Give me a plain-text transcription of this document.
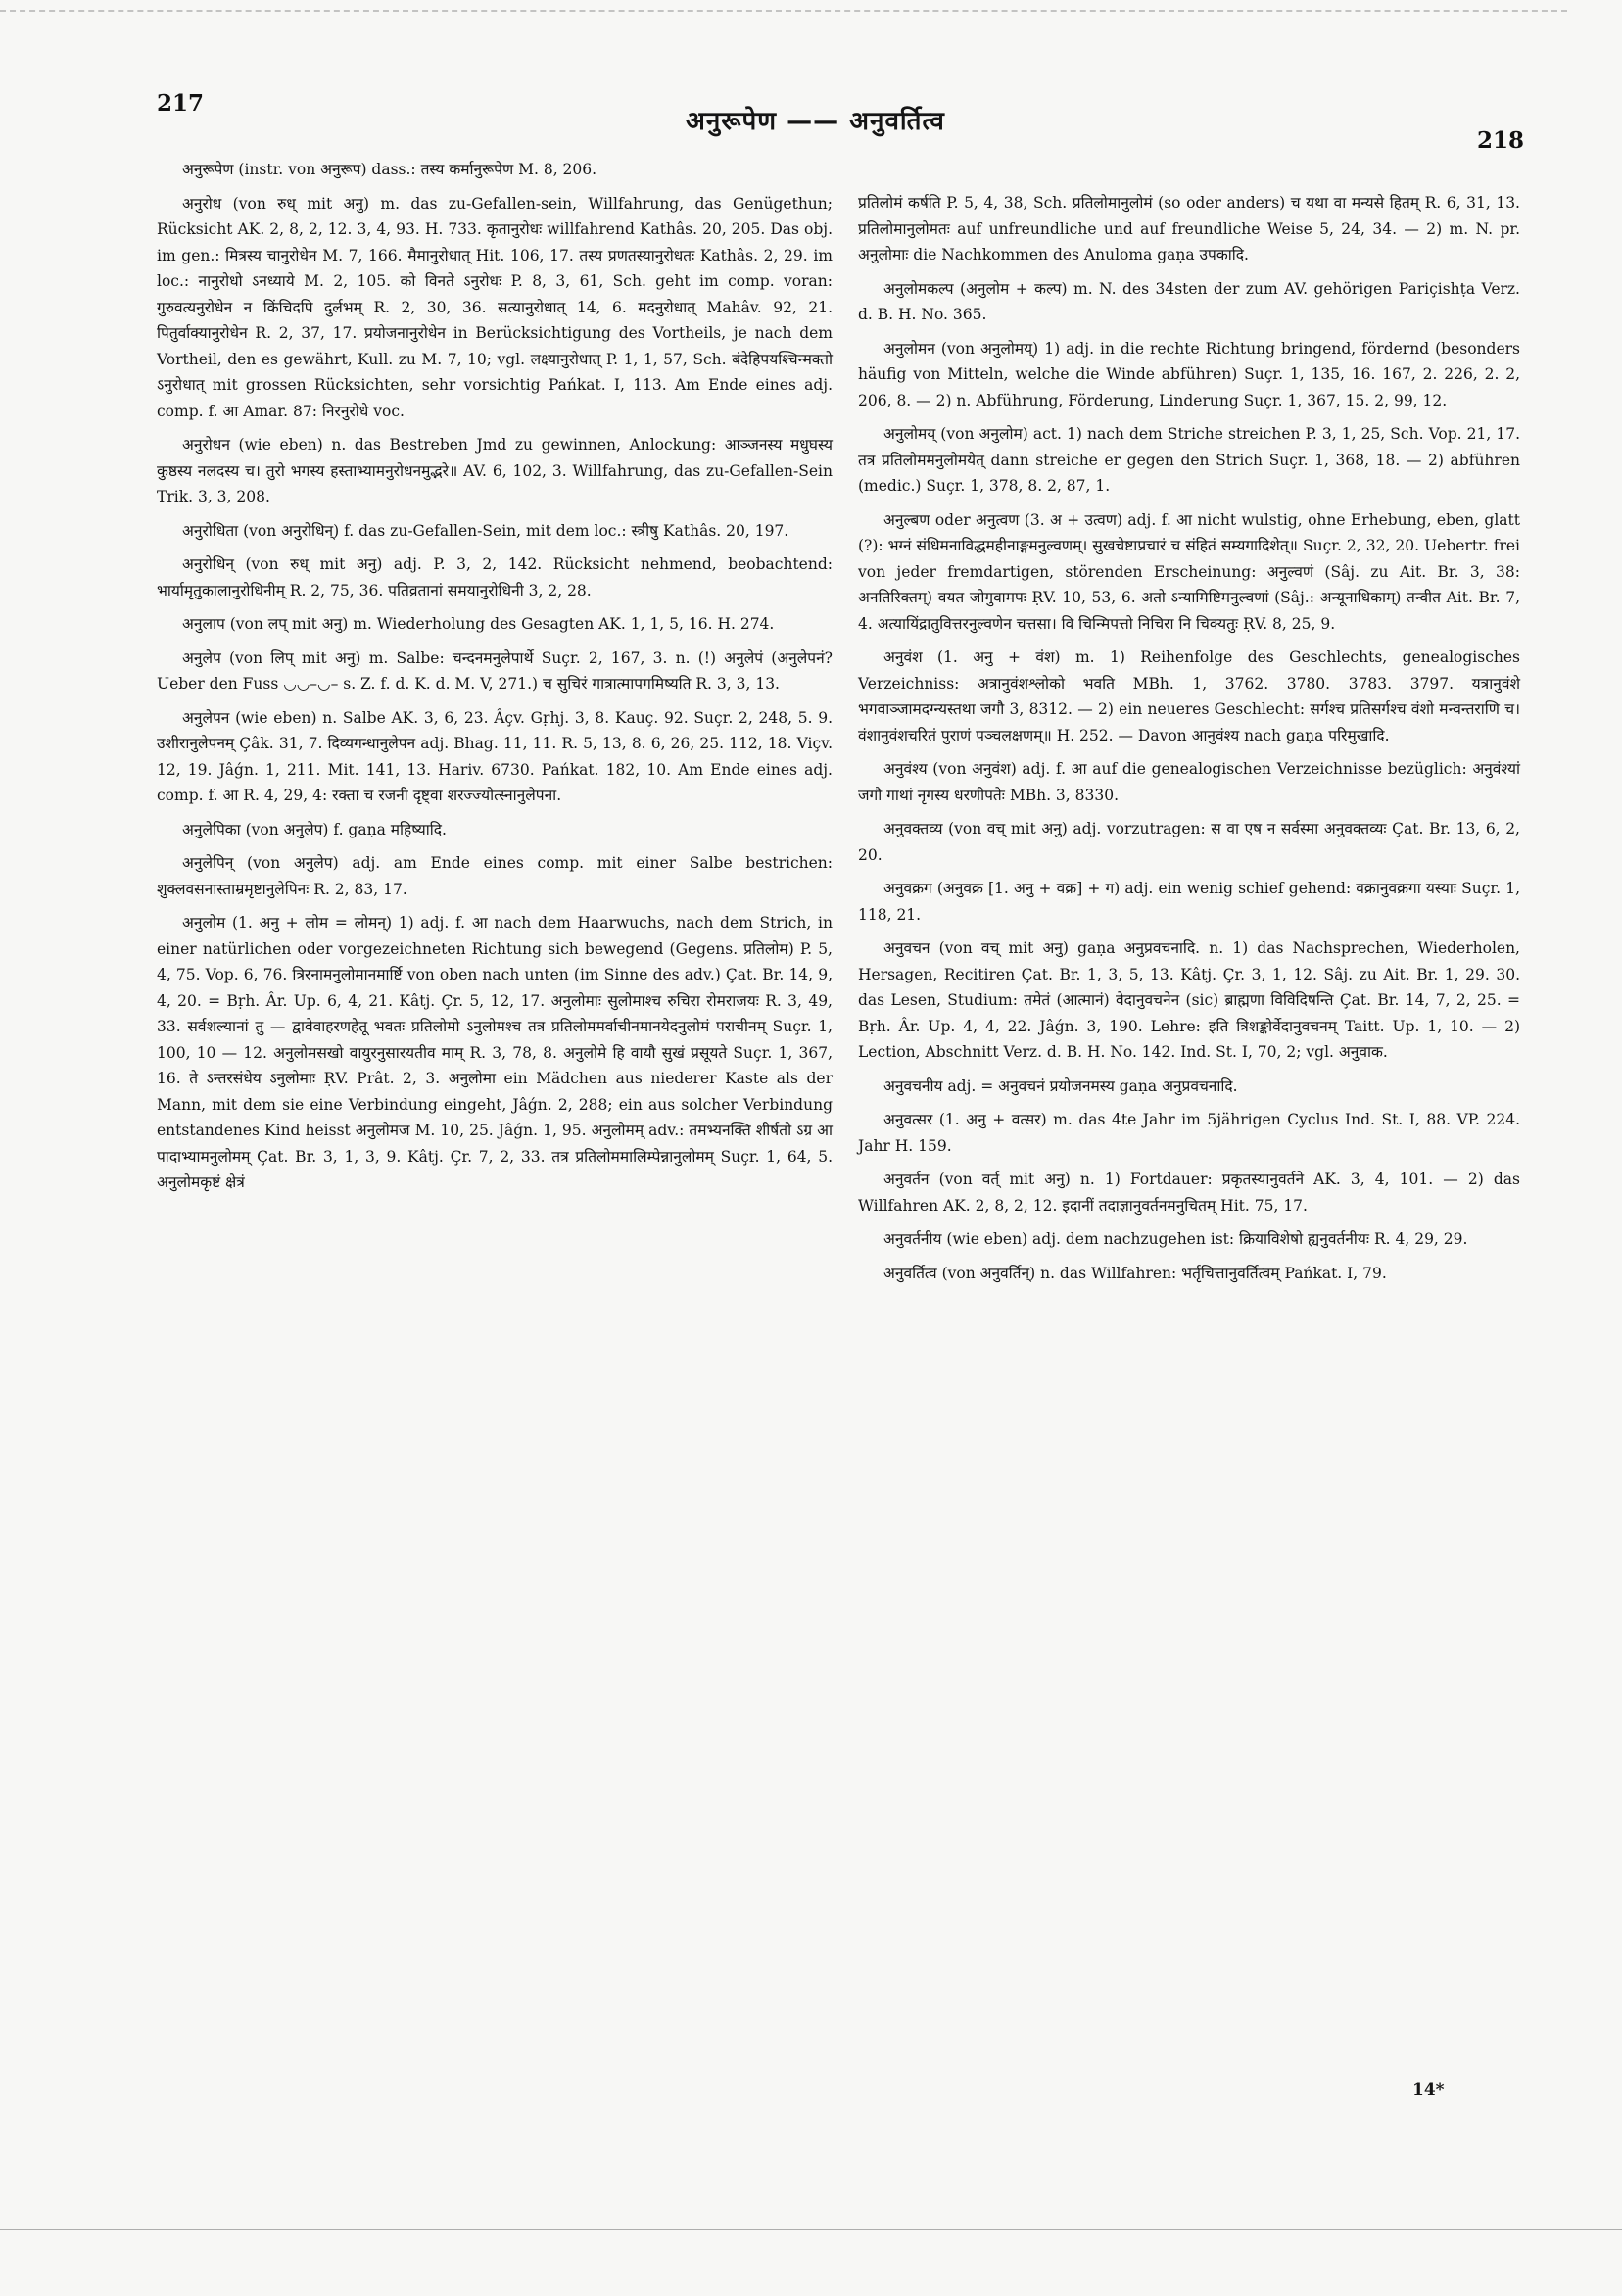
217
अनुरूपेण —— अनुवर्तित्व
218

अनुरूपेण (instr. von अनुरूप) dass.: तस्य कर्मानुरूपेण M. 8, 206.

अनुरोध (von रुध् mit अनु) m. das zu-Gefallen-sein, Willfahrung, das Genügethun; Rücksicht AK. 2, 8, 2, 12. 3, 4, 93. H. 733. कृतानुरोधः willfahrend Kathâs. 20, 205. Das obj. im gen.: मित्रस्य चानुरोधेन M. 7, 166. मैमानुरोधात् Hit. 106, 17. तस्य प्रणतस्यानुरोधतः Kathâs. 2, 29. im loc.: नानुरोधो ऽनध्याये M. 2, 105. को विनते ऽनुरोधः P. 8, 3, 61, Sch. geht im comp. voran: गुरुवत्यनुरोधेन न किंचिदपि दुर्लभम् R. 2, 30, 36. सत्यानुरोधात् 14, 6. मदनुरोधात् Mahâv. 92, 21. पितुर्वाक्यानुरोधेन R. 2, 37, 17. प्रयोजनानुरोधेन in Berücksichtigung des Vortheils, je nach dem Vortheil, den es gewährt, Kull. zu M. 7, 10; vgl. लक्ष्यानुरोधात् P. 1, 1, 57, Sch. बंदेहिपयश्चिन्मक्तो ऽनुरोधात् mit grossen Rücksichten, sehr vorsichtig Pańkat. I, 113. Am Ende eines adj. comp. f. आ Amar. 87: निरनुरोधे voc.

अनुरोधन (wie eben) n. das Bestreben Jmd zu gewinnen, Anlockung: आञ्जनस्य मधुघस्य कुष्ठस्य नलदस्य च। तुरो भगस्य हस्ताभ्यामनुरोधनमुद्भरे॥ AV. 6, 102, 3. Willfahrung, das zu-Gefallen-Sein Trik. 3, 3, 208.

अनुरोधिता (von अनुरोधिन्) f. das zu-Gefallen-Sein, mit dem loc.: स्त्रीषु Kathâs. 20, 197.

अनुरोधिन् (von रुध् mit अनु) adj. P. 3, 2, 142. Rücksicht nehmend, beobachtend: भार्यामृतुकालानुरोधिनीम् R. 2, 75, 36. पतिव्रतानां समयानुरोधिनी 3, 2, 28.

अनुलाप (von लप् mit अनु) m. Wiederholung des Gesagten AK. 1, 1, 5, 16. H. 274.

अनुलेप (von लिप् mit अनु) m. Salbe: चन्दनमनुलेपार्थे Suçr. 2, 167, 3. n. (!) अनुलेपं (अनुलेपनं? Ueber den Fuss ◡◡–◡– s. Z. f. d. K. d. M. V, 271.) च सुचिरं गात्रात्मापगमिष्यति R. 3, 3, 13.

अनुलेपन (wie eben) n. Salbe AK. 3, 6, 23. Âçv. Gṛhj. 3, 8. Kauç. 92. Suçr. 2, 248, 5. 9. उशीरानुलेपनम् Çâk. 31, 7. दिव्यगन्धानुलेपन adj. Bhag. 11, 11. R. 5, 13, 8. 6, 26, 25. 112, 18. Viçv. 12, 19. Jâǵn. 1, 211. Mit. 141, 13. Hariv. 6730. Pańkat. 182, 10. Am Ende eines adj. comp. f. आ R. 4, 29, 4: रक्ता च रजनी दृष्ट्वा शरज्ज्योत्स्नानुलेपना.

अनुलेपिका (von अनुलेप) f. gaṇa महिष्यादि.

अनुलेपिन् (von अनुलेप) adj. am Ende eines comp. mit einer Salbe bestrichen: शुक्लवसनास्ताम्रमृष्टानुलेपिनः R. 2, 83, 17.

अनुलोम (1. अनु + लोम = लोमन्) 1) adj. f. आ nach dem Haarwuchs, nach dem Strich, in einer natürlichen oder vorgezeichneten Richtung sich bewegend (Gegens. प्रतिलोम) P. 5, 4, 75. Vop. 6, 76. त्रिरनामनुलोमानमार्ष्टि von oben nach unten (im Sinne des adv.) Çat. Br. 14, 9, 4, 20. = Bṛh. Âr. Up. 6, 4, 21. Kâtj. Çr. 5, 12, 17. अनुलोमाः सुलोमाश्च रुचिरा रोमराजयः R. 3, 49, 33. सर्वशल्यानां तु — द्वावेवाहरणहेतू भवतः प्रतिलोमो ऽनुलोमश्च तत्र प्रतिलोममर्वाचीनमानयेदनुलोमं पराचीनम् Suçr. 1, 100, 10 — 12. अनुलोमसखो वायुरनुसारयतीव माम् R. 3, 78, 8. अनुलोमे हि वायौ सुखं प्रसूयते Suçr. 1, 367, 16. ते ऽन्तरसंधेय ऽनुलोमाः ṚV. Prât. 2, 3. अनुलोमा ein Mädchen aus niederer Kaste als der Mann, mit dem sie eine Verbindung eingeht, Jâǵn. 2, 288; ein aus solcher Verbindung entstandenes Kind heisst अनुलोमज M. 10, 25. Jâǵn. 1, 95. अनुलोमम् adv.: तमभ्यनक्ति शीर्षतो ऽग्र आ पादाभ्यामनुलोमम् Çat. Br. 3, 1, 3, 9. Kâtj. Çr. 7, 2, 33. तत्र प्रतिलोममालिम्पेन्नानुलोमम् Suçr. 1, 64, 5. अनुलोमकृष्टं क्षेत्रं

प्रतिलोमं कर्षति P. 5, 4, 38, Sch. प्रतिलोमानुलोमं (so oder anders) च यथा वा मन्यसे हितम् R. 6, 31, 13. प्रतिलोमानुलोमतः auf unfreundliche und auf freundliche Weise 5, 24, 34. — 2) m. N. pr. अनुलोमाः die Nachkommen des Anuloma gaṇa उपकादि.

अनुलोमकल्प (अनुलोम + कल्प) m. N. des 34sten der zum AV. gehörigen Pariçishṭa Verz. d. B. H. No. 365.

अनुलोमन (von अनुलोमय्) 1) adj. in die rechte Richtung bringend, fördernd (besonders häufig von Mitteln, welche die Winde abführen) Suçr. 1, 135, 16. 167, 2. 226, 2. 2, 206, 8. — 2) n. Abführung, Förderung, Linderung Suçr. 1, 367, 15. 2, 99, 12.

अनुलोमय् (von अनुलोम) act. 1) nach dem Striche streichen P. 3, 1, 25, Sch. Vop. 21, 17. तत्र प्रतिलोममनुलोमयेत् dann streiche er gegen den Strich Suçr. 1, 368, 18. — 2) abführen (medic.) Suçr. 1, 378, 8. 2, 87, 1.

अनुल्बण oder अनुत्वण (3. अ + उत्वण) adj. f. आ nicht wulstig, ohne Erhebung, eben, glatt (?): भग्नं संधिमनाविद्धमहीनाङ्गमनुल्वणम्। सुखचेष्टाप्रचारं च संहितं सम्यगादिशेत्॥ Suçr. 2, 32, 20. Uebertr. frei von jeder fremdartigen, störenden Erscheinung: अनुल्वणं (Sâj. zu Ait. Br. 3, 38: अनतिरिक्तम्) वयत जोगुवामपः ṚV. 10, 53, 6. अतो ऽन्यामिष्टिमनुल्वणां (Sâj.: अन्यूनाधिकाम्) तन्वीत Ait. Br. 7, 4. अत्यायिंद्रातुवित्तरनुल्वणेन चत्तसा। वि चिन्मिपत्तो निचिरा नि चिक्यतुः ṚV. 8, 25, 9.

अनुवंश (1. अनु + वंश) m. 1) Reihenfolge des Geschlechts, genealogisches Verzeichniss: अत्रानुवंशश्लोको भवति MBh. 1, 3762. 3780. 3783. 3797. यत्रानुवंशे भगवाञ्जामदग्न्यस्तथा जगौ 3, 8312. — 2) ein neueres Geschlecht: सर्गश्च प्रतिसर्गश्च वंशो मन्वन्तराणि च। वंशानुवंशचरितं पुराणं पञ्चलक्षणम्॥ H. 252. — Davon आनुवंश्य nach gaṇa परिमुखादि.

अनुवंश्य (von अनुवंश) adj. f. आ auf die genealogischen Verzeichnisse bezüglich: अनुवंश्यां जगौ गाथां नृगस्य धरणीपतेः MBh. 3, 8330.

अनुवक्तव्य (von वच् mit अनु) adj. vorzutragen: स वा एष न सर्वस्मा अनुवक्तव्यः Çat. Br. 13, 6, 2, 20.

अनुवक्रग (अनुवक्र [1. अनु + वक्र] + ग) adj. ein wenig schief gehend: वक्रानुवक्रगा यस्याः Suçr. 1, 118, 21.

अनुवचन (von वच् mit अनु) gaṇa अनुप्रवचनादि. n. 1) das Nachsprechen, Wiederholen, Hersagen, Recitiren Çat. Br. 1, 3, 5, 13. Kâtj. Çr. 3, 1, 12. Sâj. zu Ait. Br. 1, 29. 30. das Lesen, Studium: तमेतं (आत्मानं) वेदानुवचनेन (sic) ब्राह्मणा विविदिषन्ति Çat. Br. 14, 7, 2, 25. = Bṛh. Âr. Up. 4, 4, 22. Jâǵn. 3, 190. Lehre: इति त्रिशङ्कोर्वेदानुवचनम् Taitt. Up. 1, 10. — 2) Lection, Abschnitt Verz. d. B. H. No. 142. Ind. St. I, 70, 2; vgl. अनुवाक.

अनुवचनीय adj. = अनुवचनं प्रयोजनमस्य gaṇa अनुप्रवचनादि.

अनुवत्सर (1. अनु + वत्सर) m. das 4te Jahr im 5jährigen Cyclus Ind. St. I, 88. VP. 224. Jahr H. 159.

अनुवर्तन (von वर्त् mit अनु) n. 1) Fortdauer: प्रकृतस्यानुवर्तने AK. 3, 4, 101. — 2) das Willfahren AK. 2, 8, 2, 12. इदानीं तदाज्ञानुवर्तनमनुचितम् Hit. 75, 17.

अनुवर्तनीय (wie eben) adj. dem nachzugehen ist: क्रियाविशेषो ह्यनुवर्तनीयः R. 4, 29, 29.

अनुवर्तित्व (von अनुवर्तिन्) n. das Willfahren: भर्तृचित्तानुवर्तित्वम् Pańkat. I, 79.

14*
